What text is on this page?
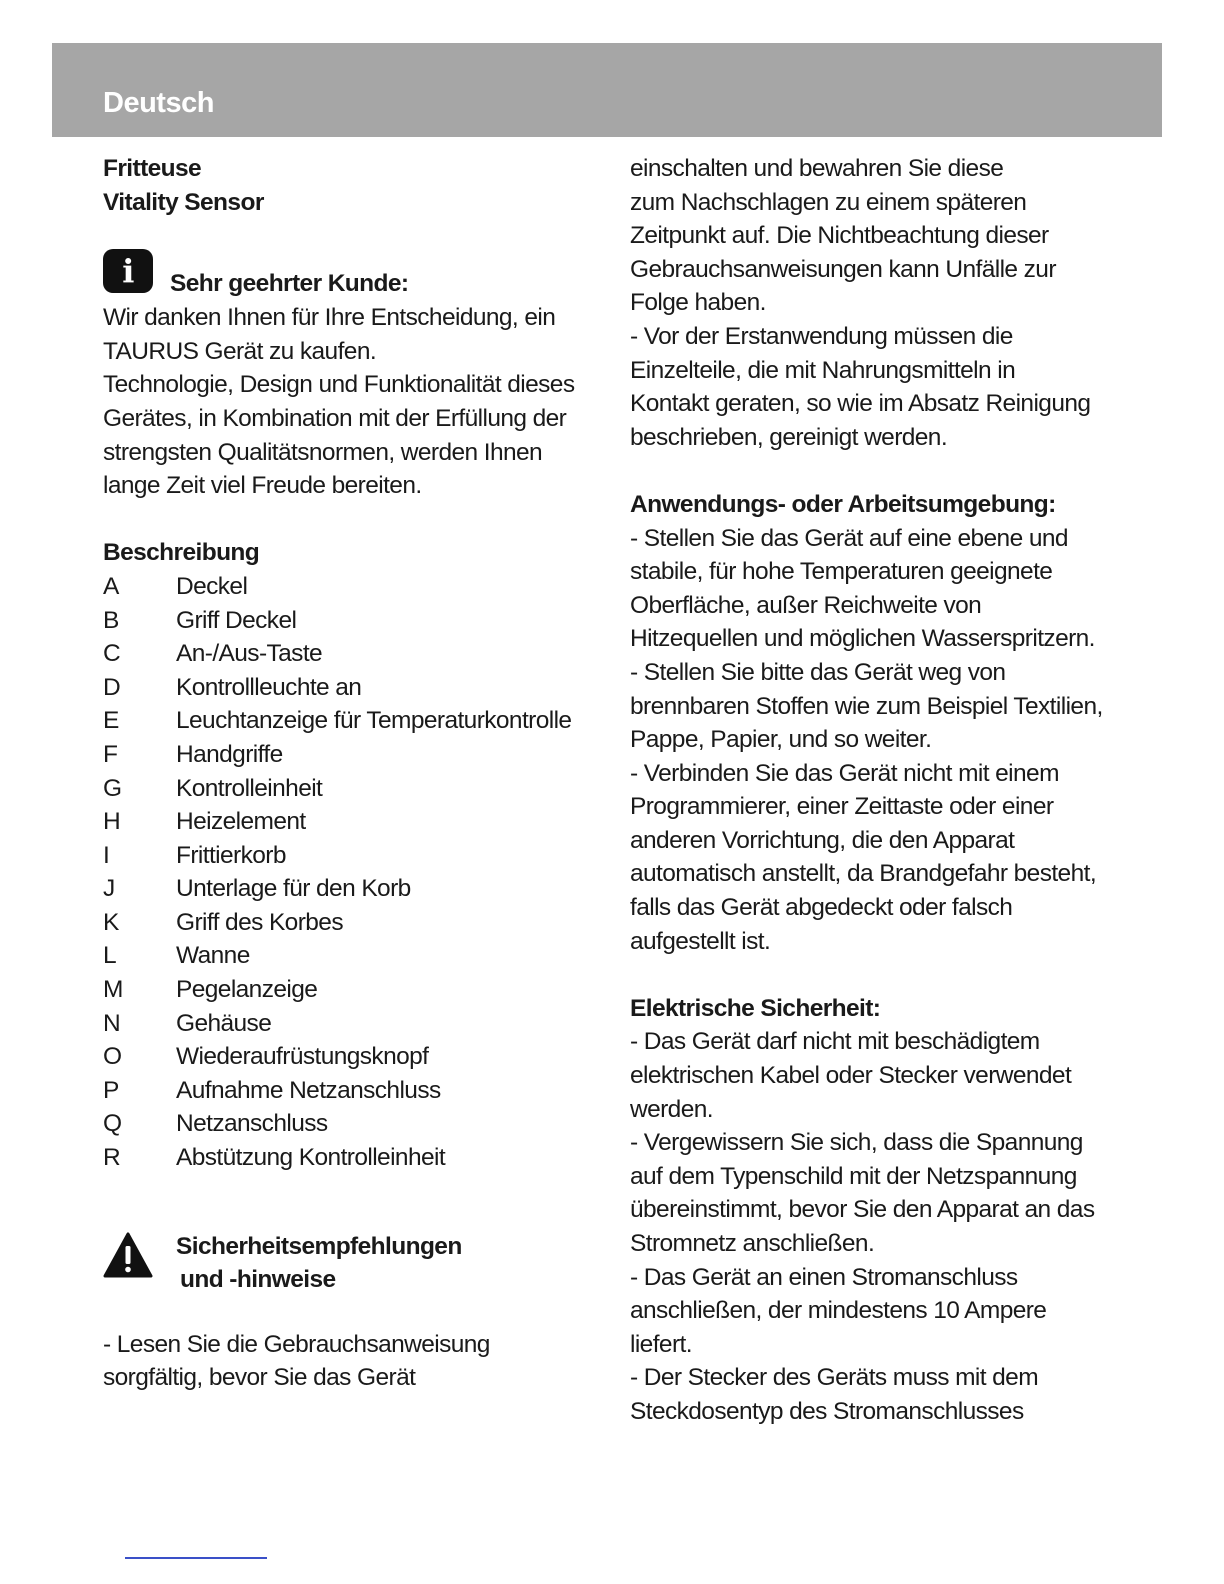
Deutsch
Fritteuse
Vitality Sensor
i	Sehr geehrter Kunde:
Wir danken Ihnen für Ihre Entscheidung, ein
TAURUS Gerät zu kaufen.
Technologie, Design und Funktionalität dieses
Gerätes, in Kombination mit der Erfüllung der
strengsten Qualitätsnormen, werden Ihnen
lange Zeit viel Freude bereiten.
Beschreibung
A	Deckel
B	Griff Deckel
C	An-/Aus-Taste
D	Kontrollleuchte an
E	Leuchtanzeige für Temperaturkontrolle
F	Handgriffe
G	Kontrolleinheit
H	Heizelement
I	Frittierkorb
J	Unterlage für den Korb
K	Griff des Korbes
L	Wanne
M	Pegelanzeige
N	Gehäuse
O	Wiederaufrüstungsknopf
P	Aufnahme Netzanschluss
Q	Netzanschluss
R	Abstützung Kontrolleinheit
Sicherheitsempfehlungen
und -hinweise
- Lesen Sie die Gebrauchsanweisung
sorgfältig, bevor Sie das Gerät
einschalten und bewahren Sie diese
zum Nachschlagen zu einem späteren
Zeitpunkt auf. Die Nichtbeachtung dieser
Gebrauchsanweisungen kann Unfälle zur
Folge haben.
- Vor der Erstanwendung müssen die
Einzelteile, die mit Nahrungsmitteln in
Kontakt geraten, so wie im Absatz Reinigung
beschrieben, gereinigt werden.
Anwendungs- oder Arbeitsumgebung:
- Stellen Sie das Gerät auf eine ebene und
stabile, für hohe Temperaturen geeignete
Oberfläche, außer Reichweite von
Hitzequellen und möglichen Wasserspritzern.
- Stellen Sie bitte das Gerät weg von
brennbaren Stoffen wie zum Beispiel Textilien,
Pappe, Papier, und so weiter.
- Verbinden Sie das Gerät nicht mit einem
Programmierer, einer Zeittaste oder einer
anderen Vorrichtung, die den Apparat
automatisch anstellt, da Brandgefahr besteht,
falls das Gerät abgedeckt oder falsch
aufgestellt ist.
Elektrische Sicherheit:
- Das Gerät darf nicht mit beschädigtem
elektrischen Kabel oder Stecker verwendet
werden.
- Vergewissern Sie sich, dass die Spannung
auf dem Typenschild mit der Netzspannung
übereinstimmt, bevor Sie den Apparat an das
Stromnetz anschließen.
- Das Gerät an einen Stromanschluss
anschließen, der mindestens 10 Ampere
liefert.
- Der Stecker des Geräts muss mit dem
Steckdosentyp des Stromanschlusses
